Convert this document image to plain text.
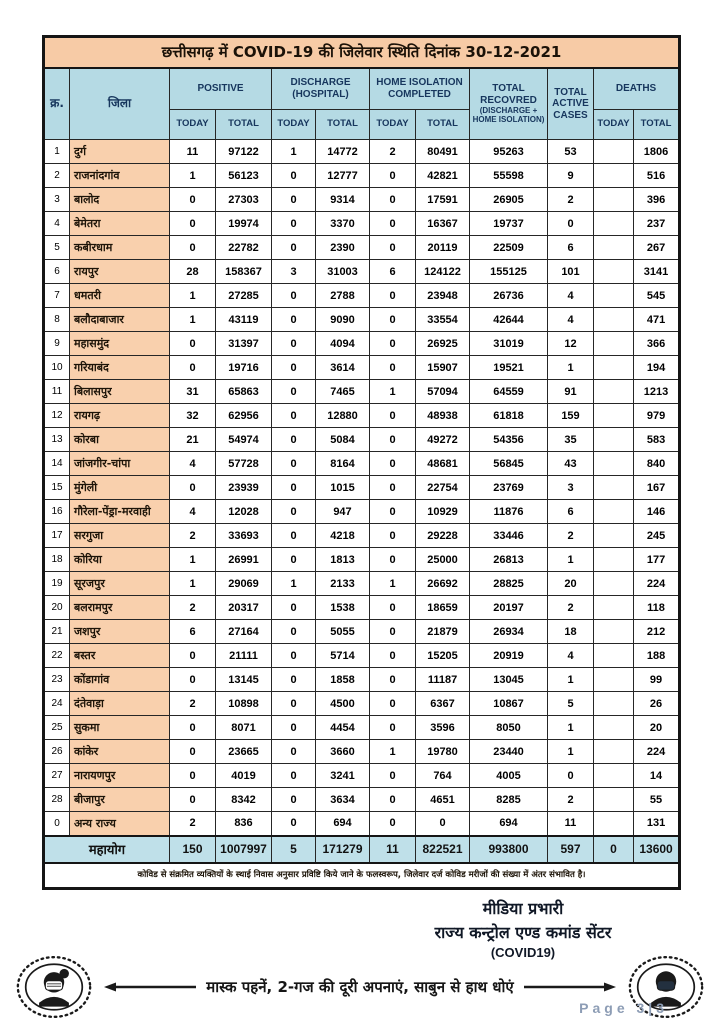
छत्तीसगढ़ में COVID-19 की जिलेवार स्थिति दिनांक 30-12-2021											
क्र.	जिला	POSITIVE		DISCHARGE (HOSPITAL)		HOME ISOLATION COMPLETED		TOTAL RECOVRED
(DISCHARGE + HOME ISOLATION)	TOTAL ACTIVE CASES	DEATHS	
		TODAY	TOTAL	TODAY	TOTAL	TODAY	TOTAL			TODAY	TOTAL
1	दुर्ग	11	97122	1	14772	2	80491	95263	53		1806
2	राजनांदगांव	1	56123	0	12777	0	42821	55598	9		516
3	बालोद	0	27303	0	9314	0	17591	26905	2		396
4	बेमेतरा	0	19974	0	3370	0	16367	19737	0		237
5	कबीरधाम	0	22782	0	2390	0	20119	22509	6		267
6	रायपुर	28	158367	3	31003	6	124122	155125	101		3141
7	धमतरी	1	27285	0	2788	0	23948	26736	4		545
8	बलौदाबाजार	1	43119	0	9090	0	33554	42644	4		471
9	महासमुंद	0	31397	0	4094	0	26925	31019	12		366
10	गरियाबंद	0	19716	0	3614	0	15907	19521	1		194
11	बिलासपुर	31	65863	0	7465	1	57094	64559	91		1213
12	रायगढ़	32	62956	0	12880	0	48938	61818	159		979
13	कोरबा	21	54974	0	5084	0	49272	54356	35		583
14	जांजगीर-चांपा	4	57728	0	8164	0	48681	56845	43		840
15	मुंगेली	0	23939	0	1015	0	22754	23769	3		167
16	गौरेला-पेंड्रा-मरवाही	4	12028	0	947	0	10929	11876	6		146
17	सरगुजा	2	33693	0	4218	0	29228	33446	2		245
18	कोरिया	1	26991	0	1813	0	25000	26813	1		177
19	सूरजपुर	1	29069	1	2133	1	26692	28825	20		224
20	बलरामपुर	2	20317	0	1538	0	18659	20197	2		118
21	जशपुर	6	27164	0	5055	0	21879	26934	18		212
22	बस्तर	0	21111	0	5714	0	15205	20919	4		188
23	कोंडागांव	0	13145	0	1858	0	11187	13045	1		99
24	दंतेवाड़ा	2	10898	0	4500	0	6367	10867	5		26
25	सुकमा	0	8071	0	4454	0	3596	8050	1		20
26	कांकेर	0	23665	0	3660	1	19780	23440	1		224
27	नारायणपुर	0	4019	0	3241	0	764	4005	0		14
28	बीजापुर	0	8342	0	3634	0	4651	8285	2		55
0	अन्य राज्य	2	836	0	694	0	0	694	11		131
महायोग		150	1007997	5	171279	11	822521	993800	597	0	13600
कोविड से संक्रमित व्यक्तियों के स्थाई निवास अनुसार प्रविष्टि किये जाने के फलस्वरूप, जिलेवार दर्ज कोविड मरीजों की संख्या में अंतर संभावित है।											
मीडिया प्रभारी
राज्य कन्ट्रोल एण्ड कमांड सेंटर
(COVID19)
मास्क पहनें, 2-गज की दूरी अपनाएं, साबुन से हाथ धोएं
Page 3|3
